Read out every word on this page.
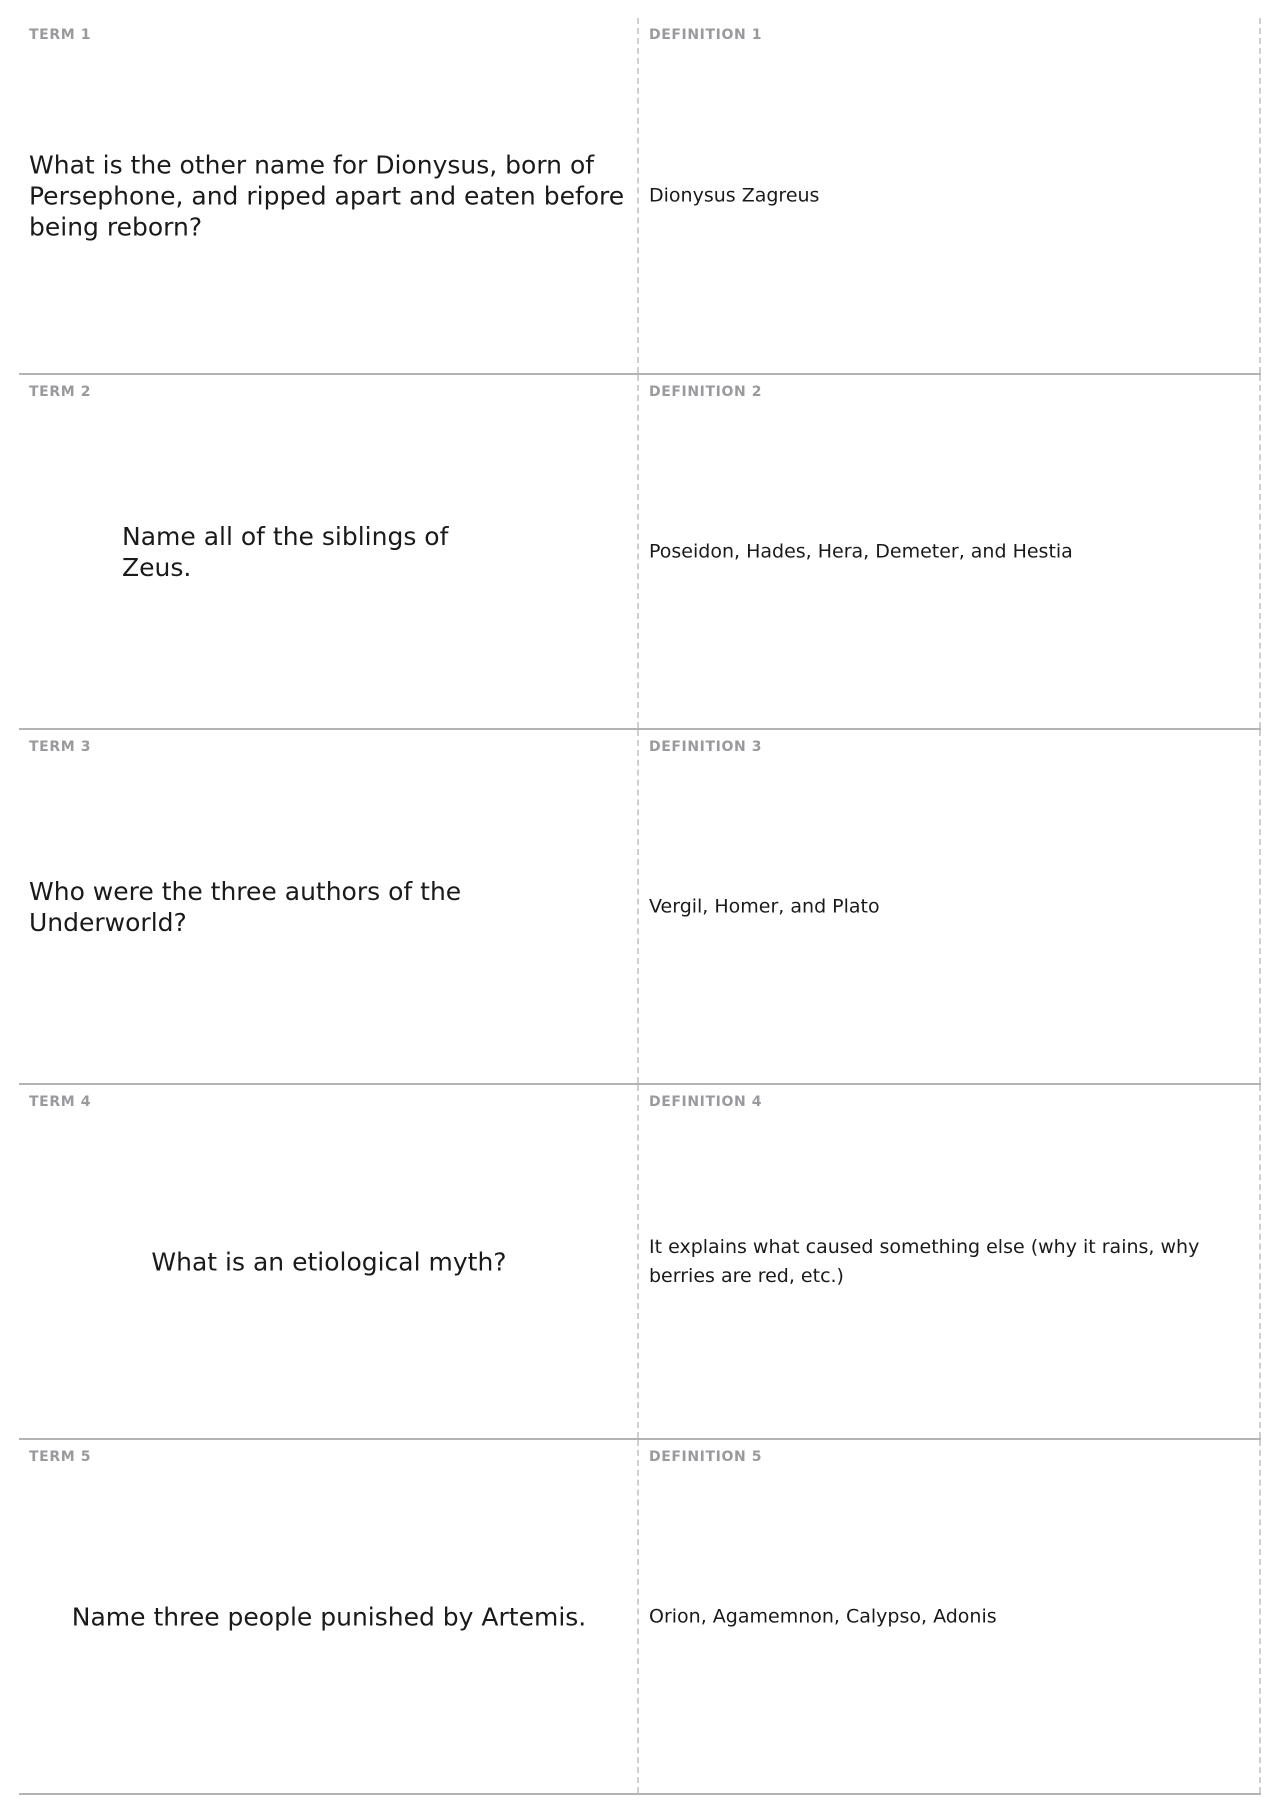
TERM 1
What is the other name for Dionysus, born of Persephone, and ripped apart and eaten before being reborn?
DEFINITION 1
Dionysus Zagreus
TERM 2
Name all of the siblings of Zeus.
DEFINITION 2
Poseidon, Hades, Hera, Demeter, and Hestia
TERM 3
Who were the three authors of the Underworld?
DEFINITION 3
Vergil, Homer, and Plato
TERM 4
What is an etiological myth?
DEFINITION 4
It explains what caused something else (why it rains, why berries are red, etc.)
TERM 5
Name three people punished by Artemis.
DEFINITION 5
Orion, Agamemnon, Calypso, Adonis
